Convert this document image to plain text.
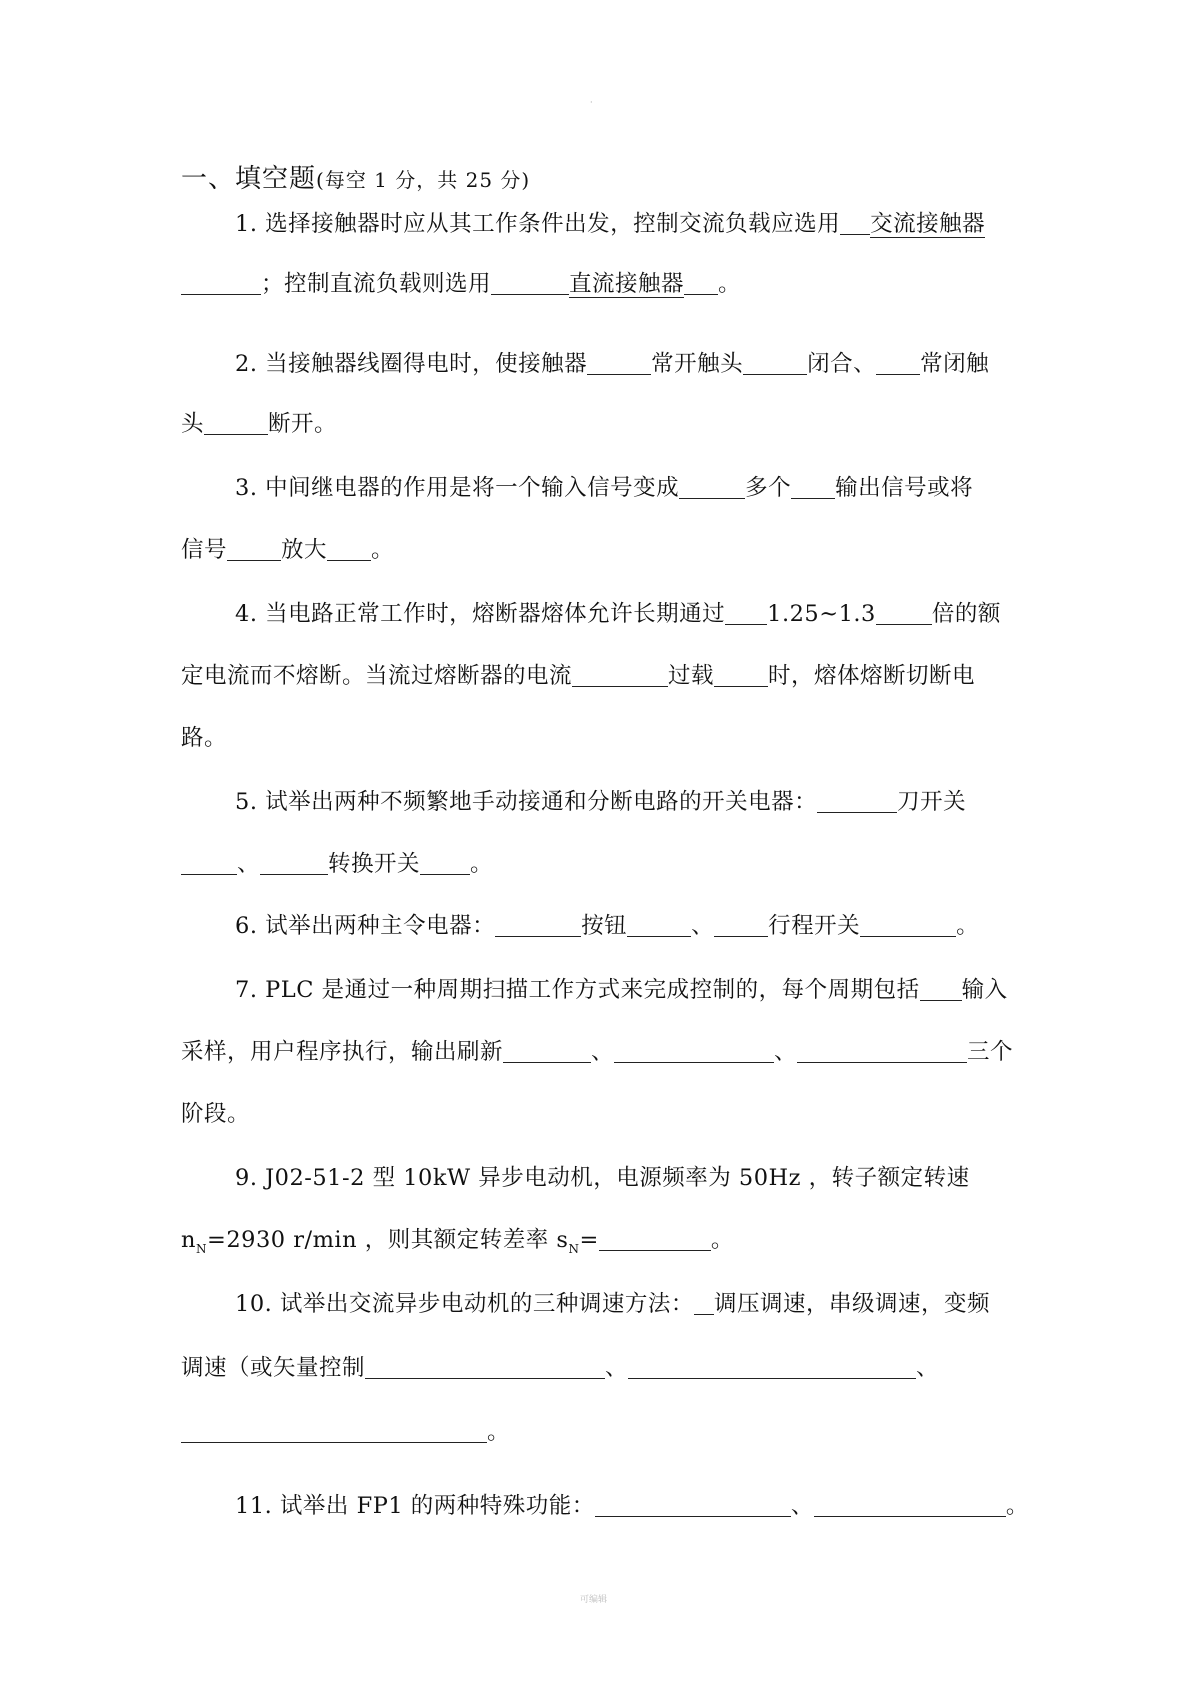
·
一、填空题(每空 1 分，共 25 分)
1. 选择接触器时应从其工作条件出发，控制交流负载应选用 交流接触器
；控制直流负载则选用	直流接触器 。
2. 当接触器线圈得电时，使接触器	常开触头	闭合、 常闭触
头	断开。
3. 中间继电器的作用是将一个输入信号变成	多个 输出信号或将
信号 放大 。
4. 当电路正常工作时，熔断器熔体允许长期通过 1.25~1.3 倍的额
定电流而不熔断。当流过熔断器的电流	过载 时，熔体熔断切断电
路。
5. 试举出两种不频繁地手动接通和分断电路的开关电器：	刀开关
、	转换开关 。
6. 试举出两种主令电器：	按钮	、 行程开关	。
7. PLC 是通过一种周期扫描工作方式来完成控制的，每个周期包括 输入
采样，用户程序执行，输出刷新	、	、	三个
阶段。
9. J02-51-2 型 10kW 异步电动机，电源频率为 50Hz ，转子额定转速
$n_N=2930$ r/min ，则其额定转差率 $s_N=$	。
10. 试举出交流异步电动机的三种调速方法： 调压调速，串级调速，变频
调速（或矢量控制	、	、
。
11. 试举出 FP1 的两种特殊功能：	、	。
可编辑
